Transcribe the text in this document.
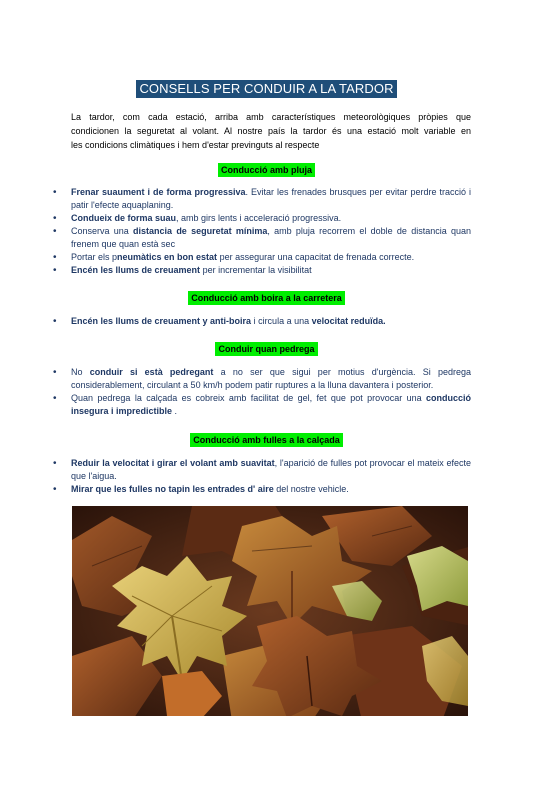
CONSELLS PER CONDUIR A LA TARDOR
La tardor, com cada estació, arriba amb característiques meteorològiques pròpies que
condicionen la seguretat al volant. Al nostre país la tardor és una estació molt variable en
les condicions climàtiques i hem d'estar previnguts al respecte
Conducció amb pluja
• Frenar suaument i de forma progressiva. Evitar les frenades brusques per evitar perdre tracció i patir l'efecte aquaplaning.
• Condueix de forma suau, amb girs lents i acceleració progressiva.
• Conserva una distancia de seguretat mínima, amb pluja recorrem el doble de distancia quan frenem que quan està sec
• Portar els pneumàtics en bon estat per assegurar una capacitat de frenada correcte.
• Encén les llums de creuament per incrementar la visibilitat
Conducció amb boira a la carretera
• Encén les llums de creuament y anti-boira i circula a una velocitat reduïda.
Conduir quan pedrega
• No conduir si està pedregant a no ser que sigui per motius d'urgència. Si pedrega considerablement, circulant a 50 km/h podem patir ruptures a la lluna davantera i posterior.
• Quan pedrega la calçada es cobreix amb facilitat de gel, fet que pot provocar una conducció insegura i impredictible .
Conducció amb fulles a la calçada
• Reduir la velocitat i girar el volant amb suavitat, l'aparició de fulles pot provocar el mateix efecte que l'aigua.
• Mirar que les fulles no tapin les entrades d' aire del nostre vehicle.
